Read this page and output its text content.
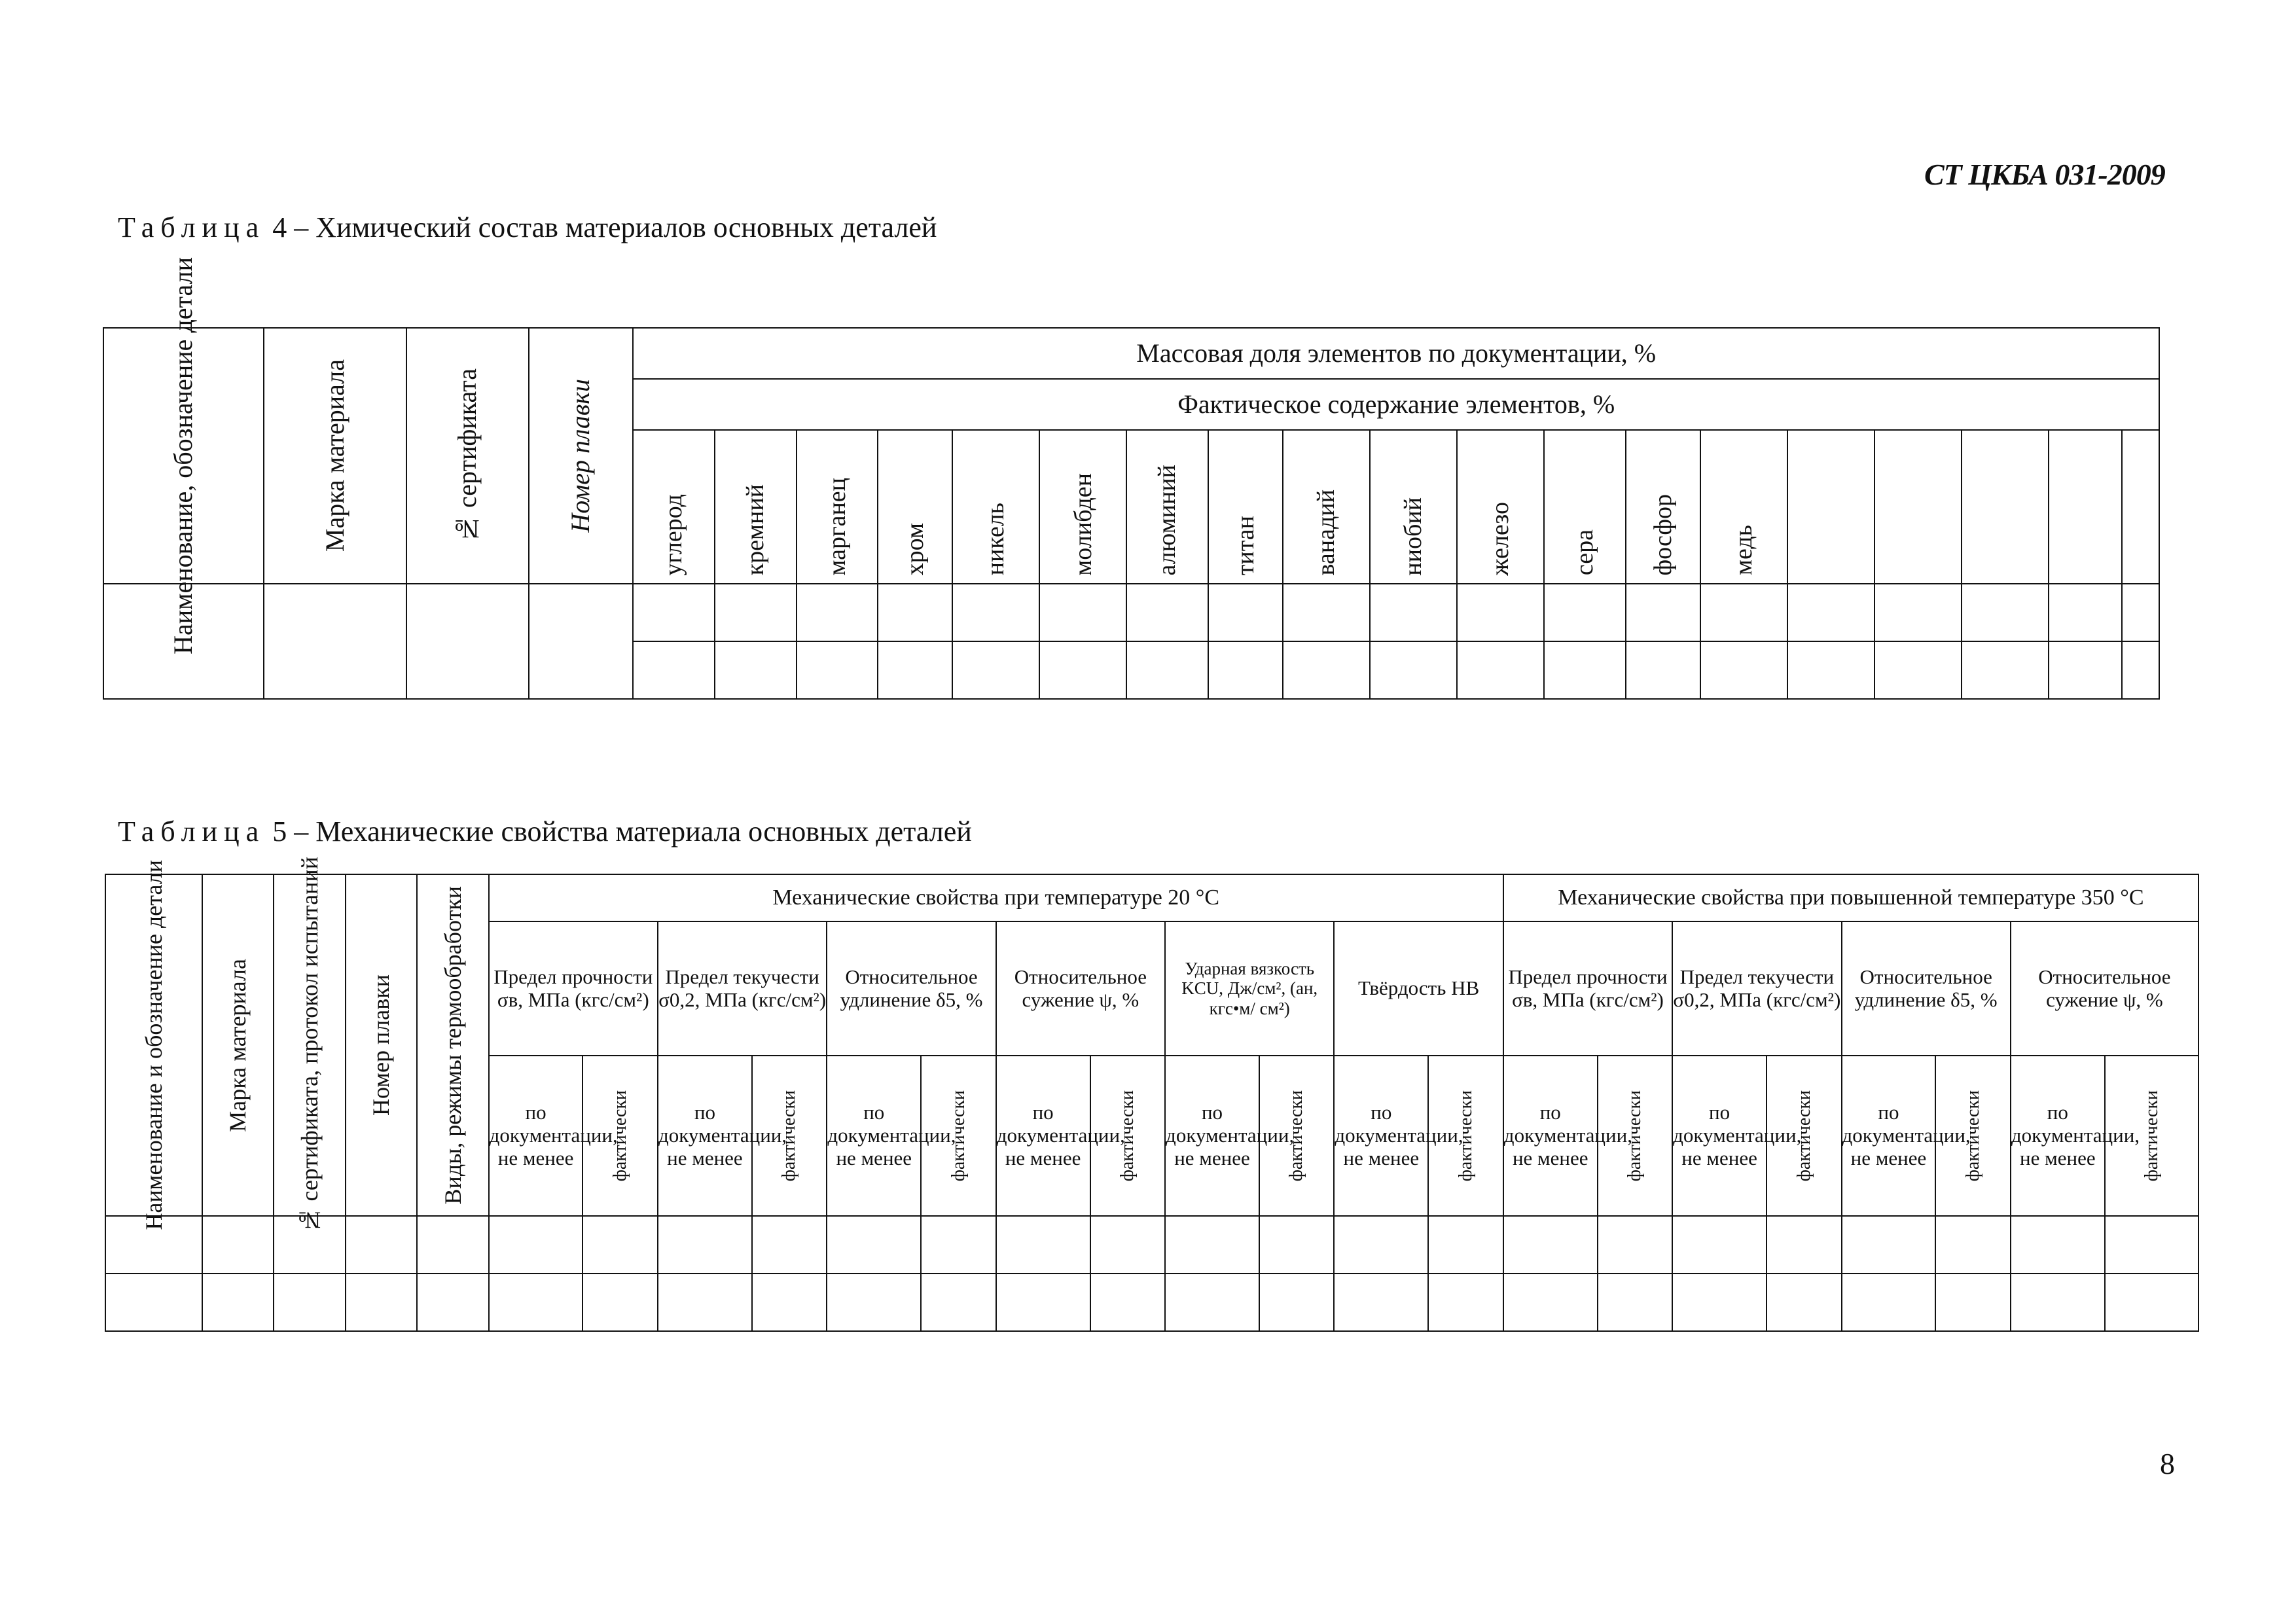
СТ ЦКБА 031-2009
Таблица 4 – Химический состав материалов основных деталей
Наименование, обозначение детали	Марка материала	№ сертификата	Номер плавки	Массовая доля элементов по документации, %																		
				Фактическое содержание элементов, %																		

				углерод	кремний	марганец	хром	никель	молибден	алюминий	титан	ванадий	ниобий	железо	сера	фосфор	медь					

Таблица 5 – Механические свойства материала основных деталей
Наименование и обозначение детали	Марка материала	№ сертификата, протокол испытаний	Номер плавки	Виды, режимы термообработки	Механические свойства при температуре 20 °С												Механические свойства при повышенной температуре 350 °С							
					Предел прочности σв, МПа (кгс/см²)		Предел текучести σ0,2, МПа (кгс/см²)		Относительное удлинение δ5, %		Относительное сужение ψ, %		Ударная вязкость KCU, Дж/см², (ан, кгс•м/ см²)		Твёрдость НВ		Предел прочности σв, МПа (кгс/см²)		Предел текучести σ0,2, МПа (кгс/см²)		Относительное удлинение δ5, %		Относительное сужение ψ, %	
					по документации, не менее	фактически	по документации, не менее	фактически	по документации, не менее	фактически	по документации, не менее	фактически	по документации, не менее	фактически	по документации, не менее	фактически	по документации, не менее	фактически	по документации, не менее	фактически	по документации, не менее	фактически	по документации, не менее	фактически

8
